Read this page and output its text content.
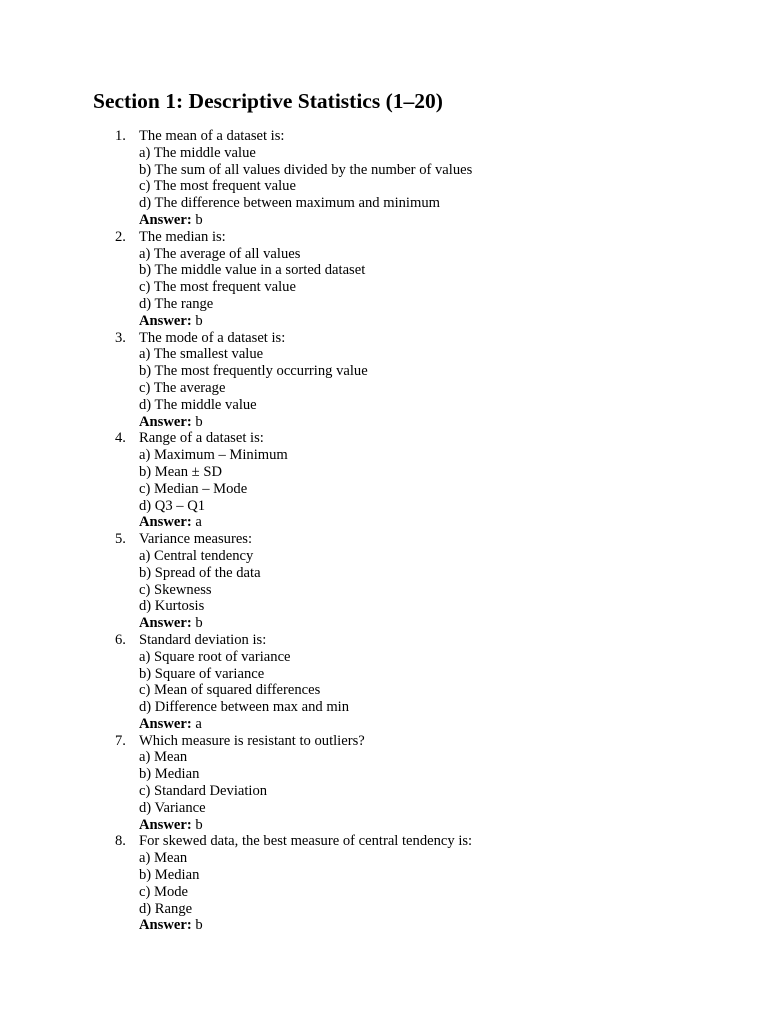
Section 1: Descriptive Statistics (1–20)
1. The mean of a dataset is:
a) The middle value
b) The sum of all values divided by the number of values
c) The most frequent value
d) The difference between maximum and minimum
Answer: b
2. The median is:
a) The average of all values
b) The middle value in a sorted dataset
c) The most frequent value
d) The range
Answer: b
3. The mode of a dataset is:
a) The smallest value
b) The most frequently occurring value
c) The average
d) The middle value
Answer: b
4. Range of a dataset is:
a) Maximum – Minimum
b) Mean ± SD
c) Median – Mode
d) Q3 – Q1
Answer: a
5. Variance measures:
a) Central tendency
b) Spread of the data
c) Skewness
d) Kurtosis
Answer: b
6. Standard deviation is:
a) Square root of variance
b) Square of variance
c) Mean of squared differences
d) Difference between max and min
Answer: a
7. Which measure is resistant to outliers?
a) Mean
b) Median
c) Standard Deviation
d) Variance
Answer: b
8. For skewed data, the best measure of central tendency is:
a) Mean
b) Median
c) Mode
d) Range
Answer: b
